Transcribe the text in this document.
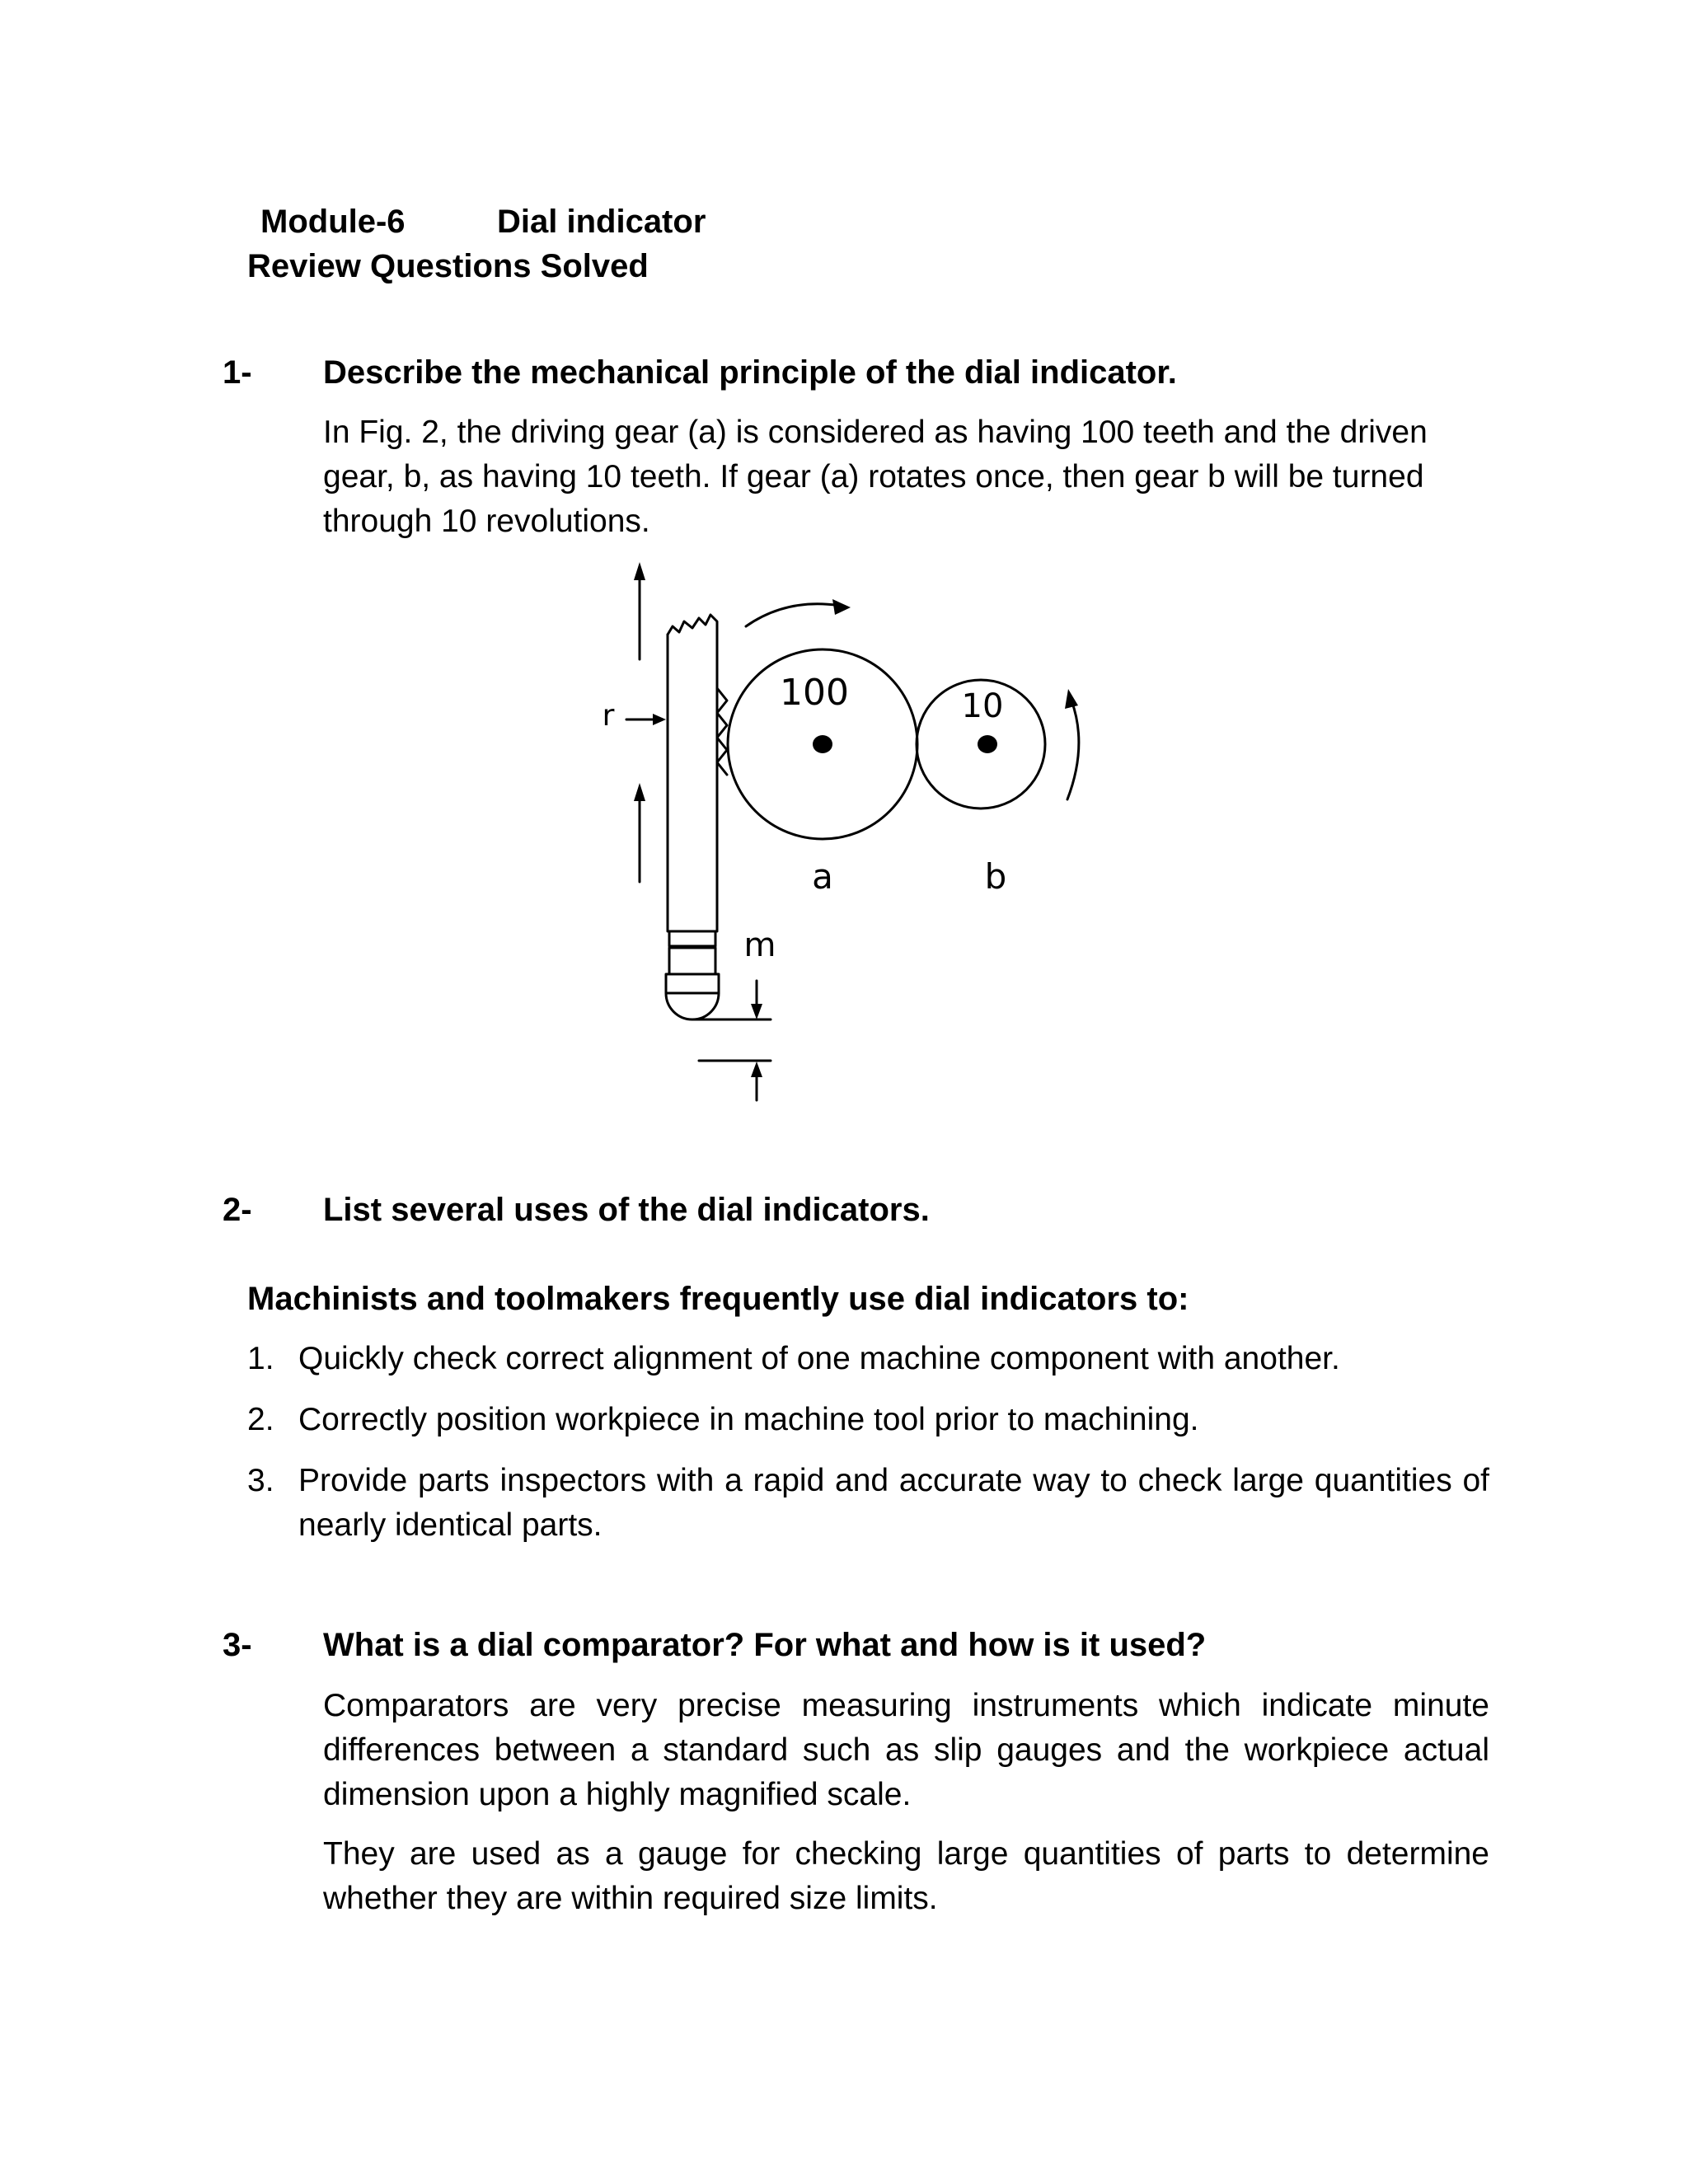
Module-6	Dial indicator
Review Questions Solved
1- Describe the mechanical principle of the dial indicator.
In Fig. 2, the driving gear (a) is considered as having 100 teeth and the driven gear, b, as having 10 teeth. If gear (a) rotates once, then gear b will be turned through 10 revolutions.
100	10
a	b
r
m
2- List several uses of the dial indicators.
Machinists and toolmakers frequently use dial indicators to:
1. Quickly check correct alignment of one machine component with another.
2. Correctly position workpiece in machine tool prior to machining.
3. Provide parts inspectors with a rapid and accurate way to check large quantities of nearly identical parts.
3- What is a dial comparator? For what and how is it used?
Comparators are very precise measuring instruments which indicate minute differences between a standard such as slip gauges and the workpiece actual dimension upon a highly magnified scale.
They are used as a gauge for checking large quantities of parts to determine whether they are within required size limits.
